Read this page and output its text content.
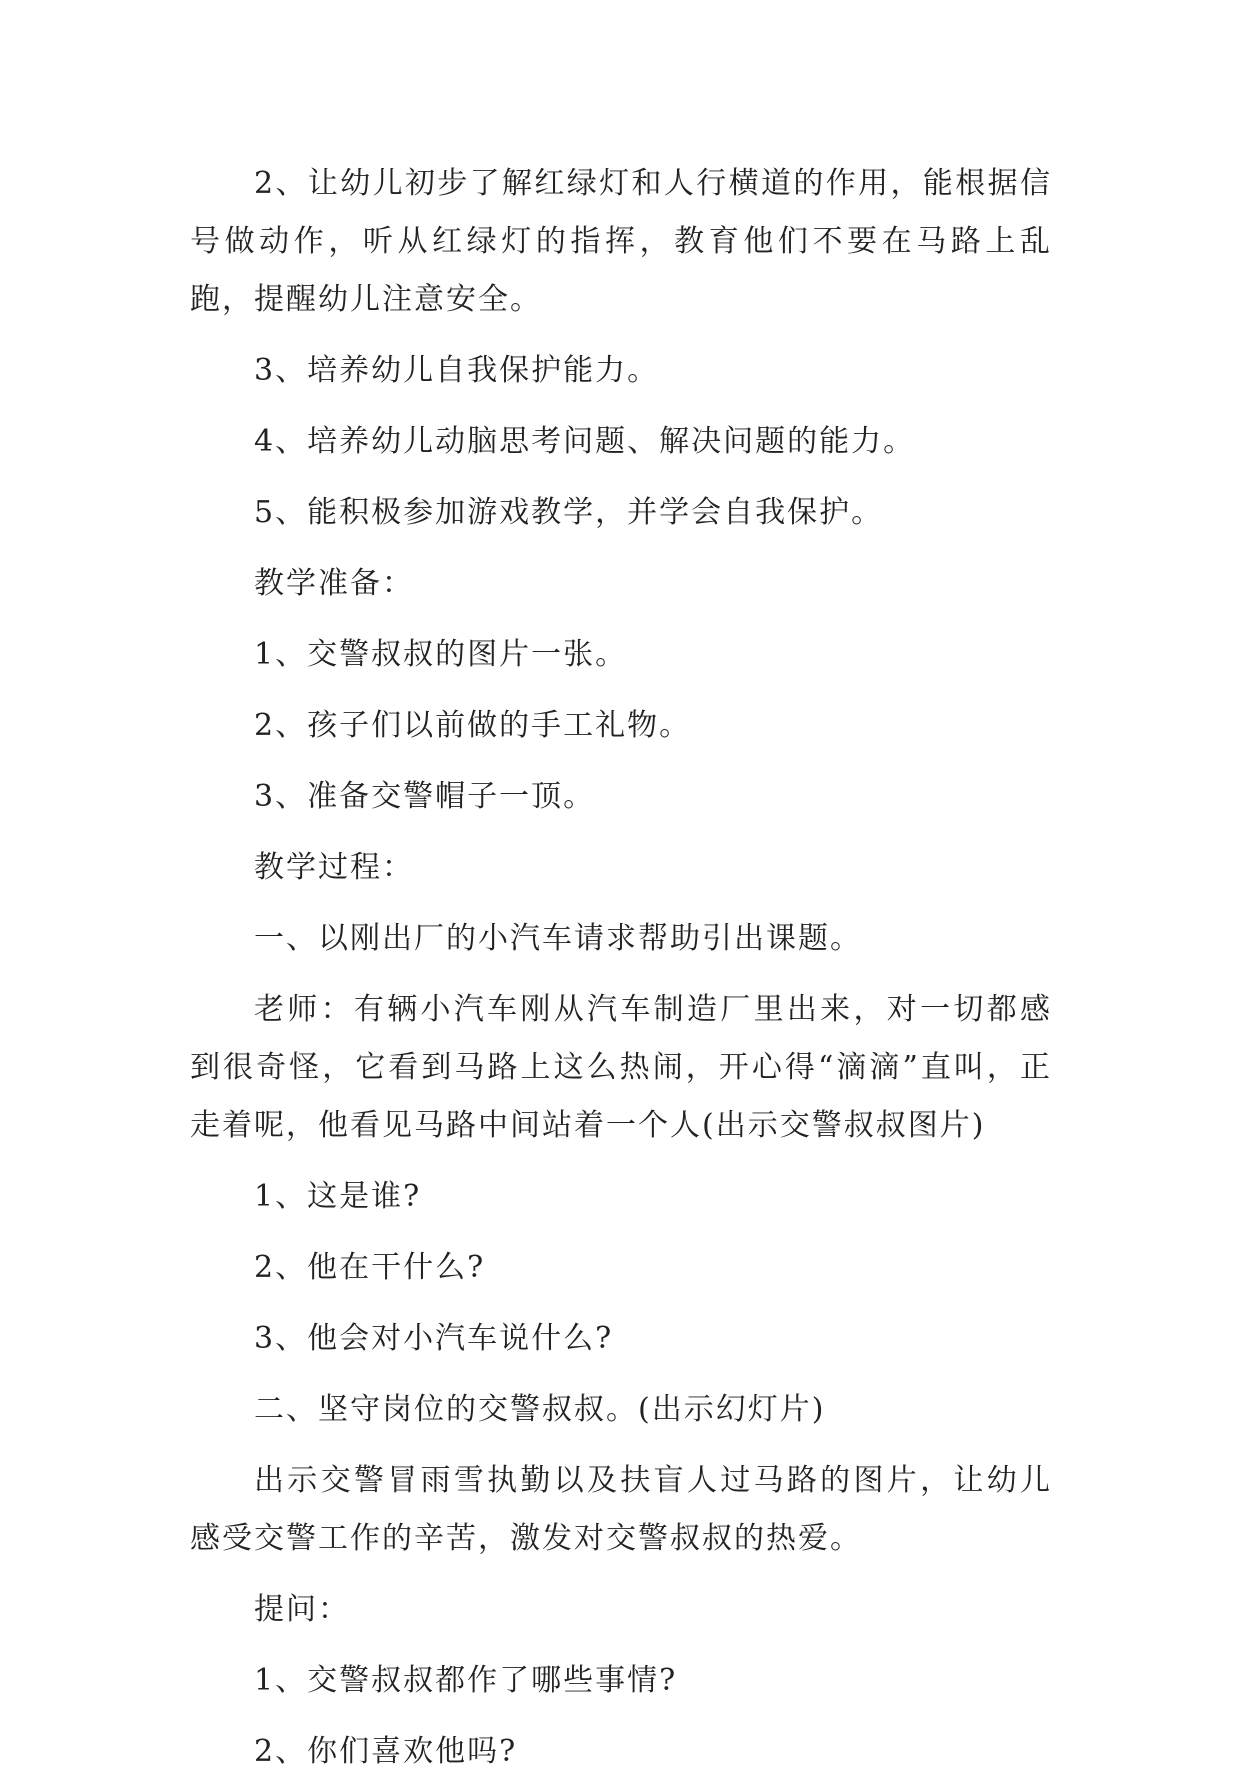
2、让幼儿初步了解红绿灯和人行横道的作用，能根据信号做动作，听从红绿灯的指挥，教育他们不要在马路上乱跑，提醒幼儿注意安全。

3、培养幼儿自我保护能力。

4、培养幼儿动脑思考问题、解决问题的能力。

5、能积极参加游戏教学，并学会自我保护。

教学准备：

1、交警叔叔的图片一张。

2、孩子们以前做的手工礼物。

3、准备交警帽子一顶。

教学过程：

一、以刚出厂的小汽车请求帮助引出课题。

老师：有辆小汽车刚从汽车制造厂里出来，对一切都感到很奇怪，它看到马路上这么热闹，开心得“滴滴”直叫，正走着呢，他看见马路中间站着一个人(出示交警叔叔图片)

1、这是谁?

2、他在干什么?

3、他会对小汽车说什么?

二、坚守岗位的交警叔叔。(出示幻灯片)

出示交警冒雨雪执勤以及扶盲人过马路的图片，让幼儿感受交警工作的辛苦，激发对交警叔叔的热爱。

提问：

1、交警叔叔都作了哪些事情?

2、你们喜欢他吗?
